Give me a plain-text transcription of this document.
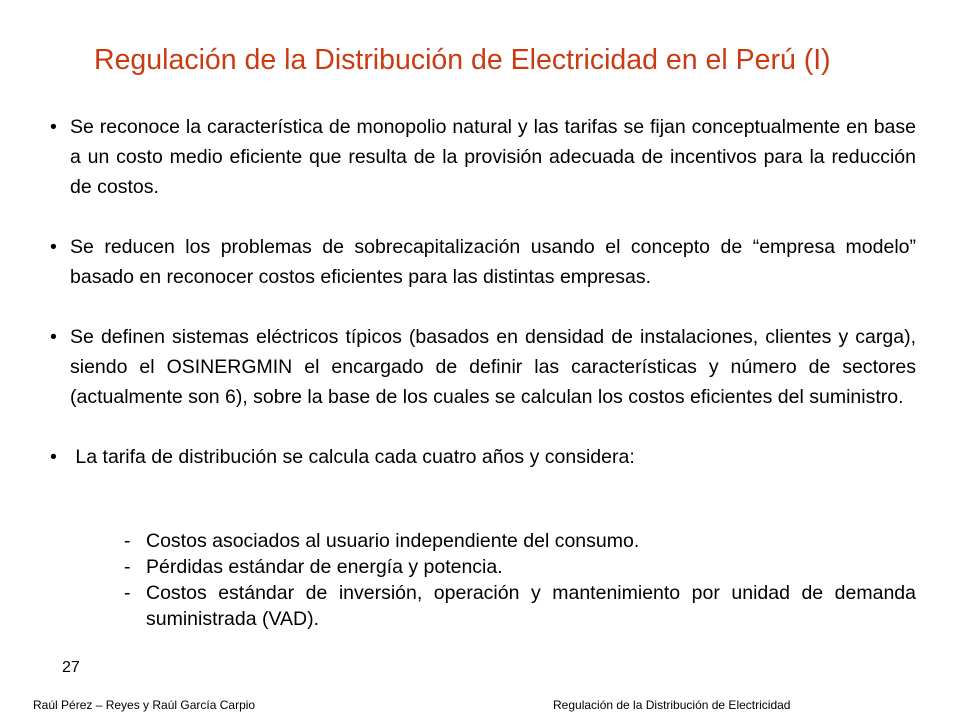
Regulación de la Distribución de Electricidad en el Perú (I)
• Se reconoce la característica de monopolio natural y las tarifas se fijan conceptualmente en base a un costo medio eficiente que resulta de la provisión adecuada de incentivos para la reducción de costos.
• Se reducen los problemas de sobrecapitalización usando el concepto de “empresa modelo” basado en reconocer costos eficientes para las distintas empresas.
• Se definen sistemas eléctricos típicos (basados en densidad de instalaciones, clientes y carga), siendo el OSINERGMIN el encargado de definir las características y número de sectores (actualmente son 6), sobre la base de los cuales se calculan los costos eficientes del suministro.
• La tarifa de distribución se calcula cada cuatro años y considera:
- Costos asociados al usuario independiente del consumo.
- Pérdidas estándar de energía y potencia.
- Costos estándar de inversión, operación y mantenimiento por unidad de demanda suministrada (VAD).
27
Raúl Pérez – Reyes y Raúl García Carpio	Regulación de la Distribución de Electricidad
